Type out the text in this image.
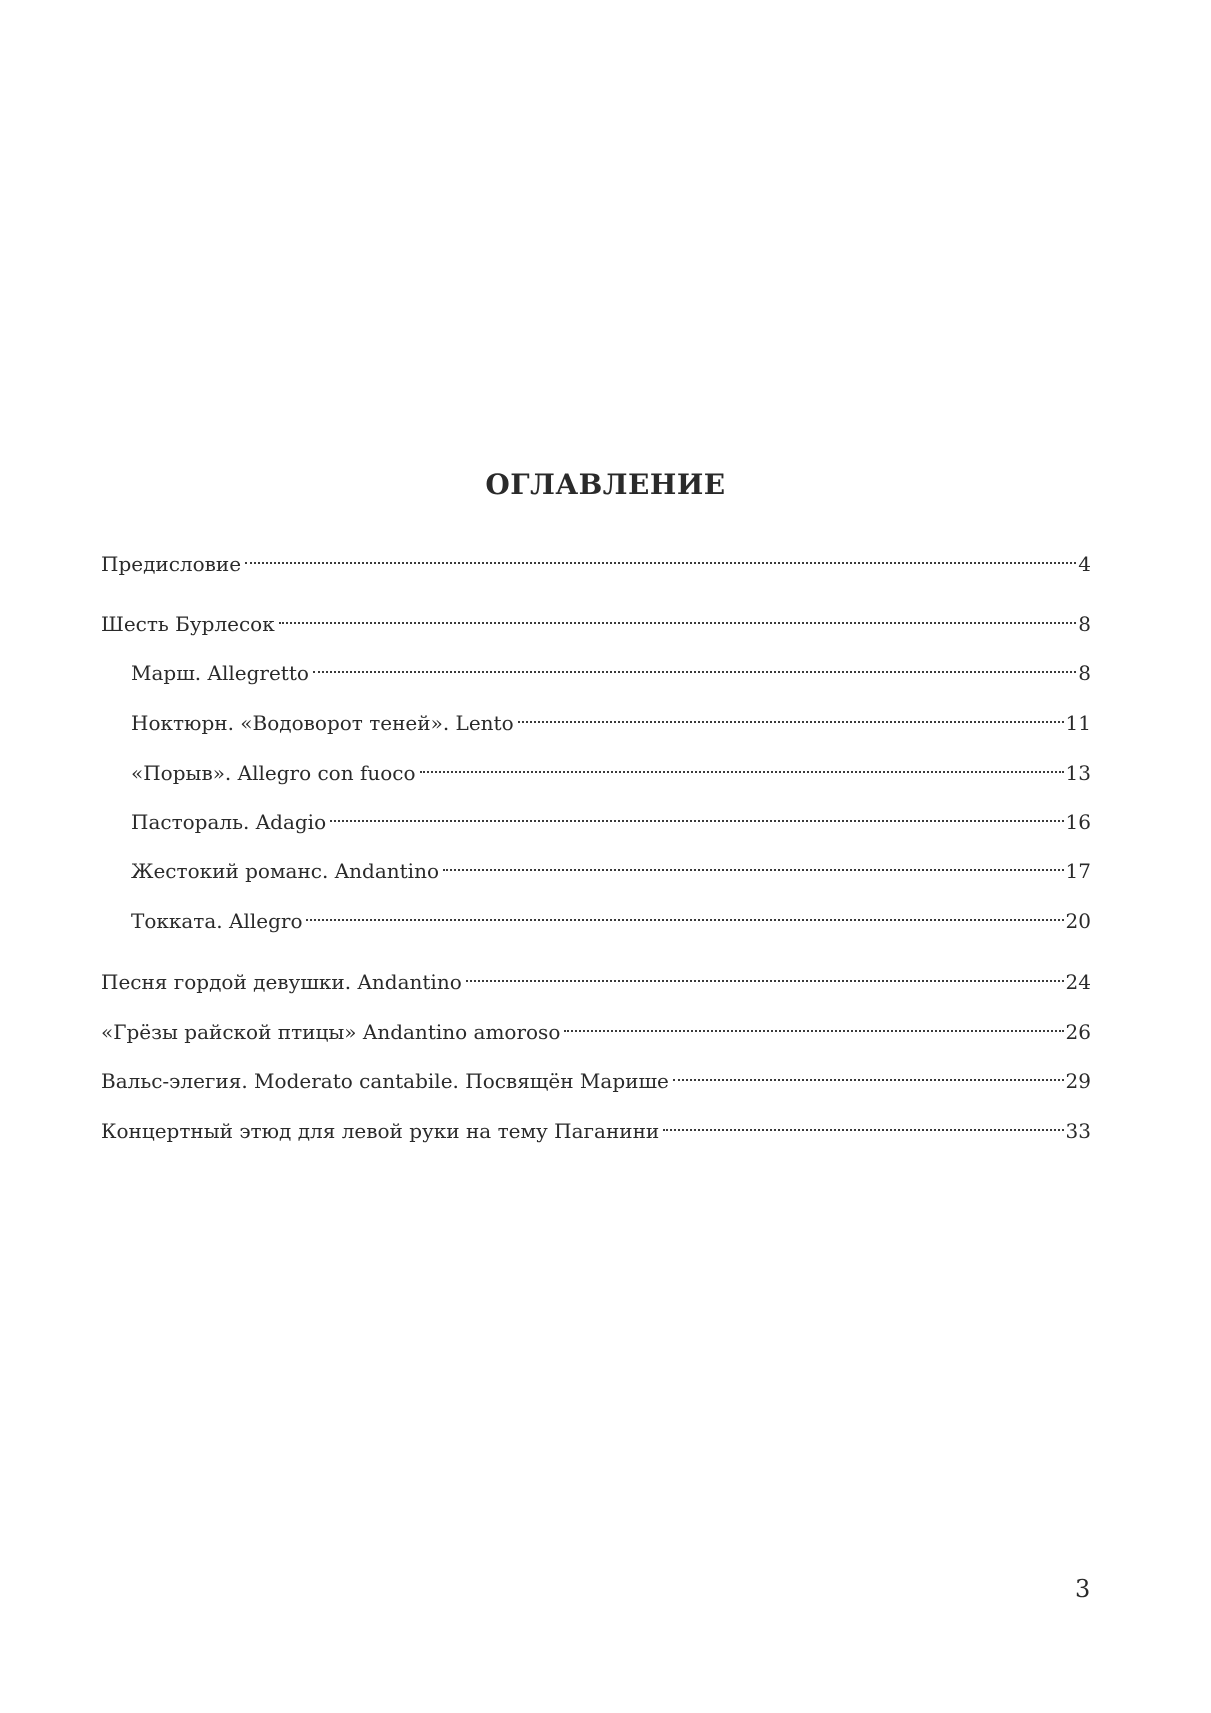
ОГЛАВЛЕНИЕ
Предисловие	4
Шесть Бурлесок	8
Марш. Allegretto	8
Ноктюрн. «Водоворот теней». Lento	11
«Порыв». Allegro con fuoco	13
Пастораль. Adagio	16
Жестокий романс. Andantino	17
Токката. Allegro	20
Песня гордой девушки. Andantino	24
«Грёзы райской птицы» Andantino amoroso	26
Вальс-элегия. Moderato cantabile. Посвящён Марише	29
Концертный этюд для левой руки на тему Паганини	33
3
